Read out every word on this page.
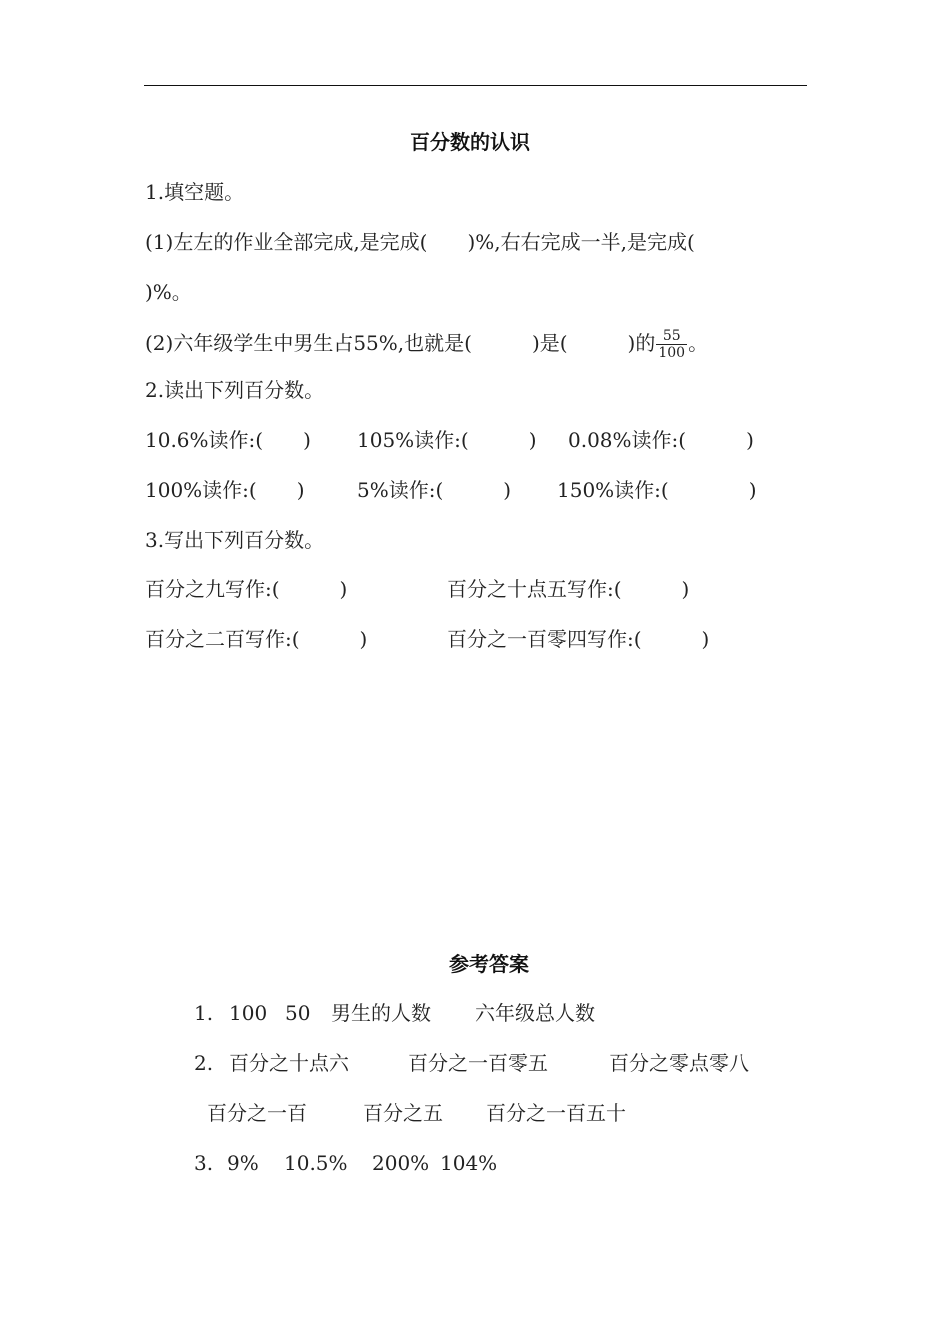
百分数的认识
1.填空题。
(1)左左的作业全部完成,是完成(　　)%,右右完成一半,是完成(
)%。
(2)六年级学生中男生占55%,也就是(　　　)是(　　　)的 $\frac{55}{100}$ 。
2.读出下列百分数。
10.6%读作:(　　) 105%读作:(　　　) 0.08%读作:(　　　)
100%读作:(　　)	5%读作:(　　　) 150%读作:(　　　　)
3.写出下列百分数。
百分之九写作:(　　　)	百分之十点五写作:(　　　)
百分之二百写作:(　　　)	百分之一百零四写作:(　　　)
参考答案
1. 100 50 男生的人数 六年级总人数
2. 百分之十点六	百分之一百零五	百分之零点零八
百分之一百	百分之五 百分之一百五十
3. 9% 10.5% 200% 104%
